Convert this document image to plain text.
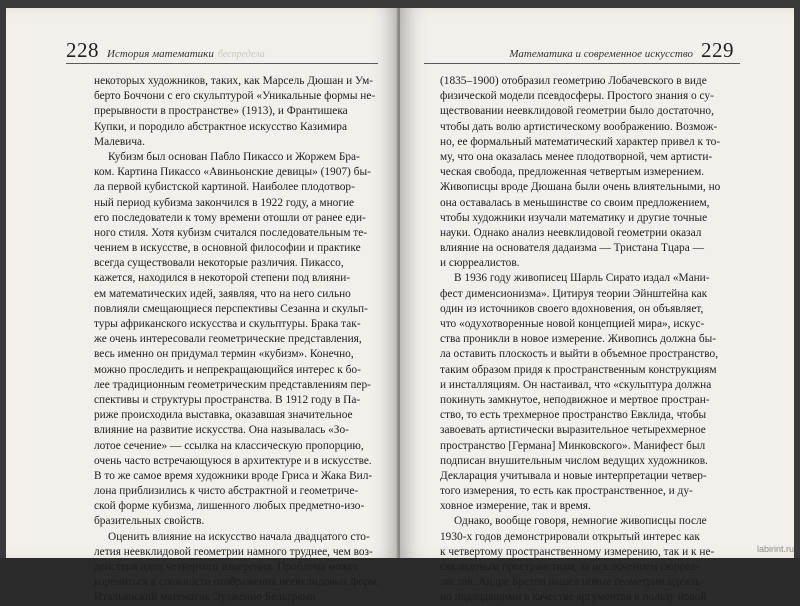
228 История математики беспредела
некоторых художников, таких, как Марсель Дюшан и Ум-
берто Боччони с его скульптурой «Уникальные формы не-
прерывности в пространстве» (1913), и Франтишека
Купки, и породило абстрактное искусство Казимира
Малевича.
Кубизм был основан Пабло Пикассо и Жоржем Бра-
ком. Картина Пикассо «Авиньонские девицы» (1907) бы-
ла первой кубистской картиной. Наиболее плодотвор-
ный период кубизма закончился в 1922 году, а многие
его последователи к тому времени отошли от ранее еди-
ного стиля. Хотя кубизм считался последовательным те-
чением в искусстве, в основной философии и практике
всегда существовали некоторые различия. Пикассо,
кажется, находился в некоторой степени под влияни-
ем математических идей, заявляя, что на него сильно
повлияли смещающиеся перспективы Сезанна и скульп-
туры африканского искусства и скульптуры. Брака так-
же очень интересовали геометрические представления,
весь именно он придумал термин «кубизм». Конечно,
можно проследить и непрекращающийся интерес к бо-
лее традиционным геометрическим представлениям пер-
спективы и структуры пространства. В 1912 году в Па-
риже происходила выставка, оказавшая значительное
влияние на развитие искусства. Она называлась «Зо-
лотое сечение» — ссылка на классическую пропорцию,
очень часто встречающуюся в архитектуре и в искусстве.
В то же самое время художники вроде Гриса и Жака Вил-
лона приблизились к чисто абстрактной и геометриче-
ской форме кубизма, лишенного любых предметно-изо-
бразительных свойств.
Оценить влияние на искусство начала двадцатого сто-
летия неевклидовой геометрии намного труднее, чем воз-
действия идеи четвертого измерения. Проблема может
корениться в сложности отображения неевклидовых форм.
Итальянский математик Эудженио Бельтрами
Математика и современное искусство 229
(1835–1900) отобразил геометрию Лобачевского в виде
физической модели псевдосферы. Простого знания о су-
ществовании неевклидовой геометрии было достаточно,
чтобы дать волю артистическому воображению. Возмож-
но, ее формальный математический характер привел к то-
му, что она оказалась менее плодотворной, чем артисти-
ческая свобода, предложенная четвертым измерением.
Живописцы вроде Дюшана были очень влиятельными, но
она оставалась в меньшинстве со своим предложением,
чтобы художники изучали математику и другие точные
науки. Однако анализ неевклидовой геометрии оказал
влияние на основателя дадаизма — Тристана Тцара —
и сюрреалистов.
В 1936 году живописец Шарль Сирато издал «Мани-
фест дименсионизма». Цитируя теории Эйнштейна как
один из источников своего вдохновения, он объявляет,
что «одухотворенные новой концепцией мира», искус-
ства проникли в новое измерение. Живопись должна бы-
ла оставить плоскость и выйти в объемное пространство,
таким образом придя к пространственным конструкциям
и инсталляциям. Он настаивал, что «скульптура должна
покинуть замкнутое, неподвижное и мертвое простран-
ство, то есть трехмерное пространство Евклида, чтобы
завоевать артистически выразительное четырехмерное
пространство [Германа] Минковского». Манифест был
подписан внушительным числом ведущих художников.
Декларация учитывала и новые интерпретации четвер-
того измерения, то есть как пространственное, и ду-
ховное измерение, так и время.
Однако, вообще говоря, немногие живописцы после
1930-х годов демонстрировали открытый интерес как
к четвертому пространственному измерению, так и к не-
евклидовым пространствам, за исключением сюрреа-
листов. Андре Бретон нашел новые геометрии идеаль-
но подходящими в качестве аргументов в пользу новой
labirint.ru
